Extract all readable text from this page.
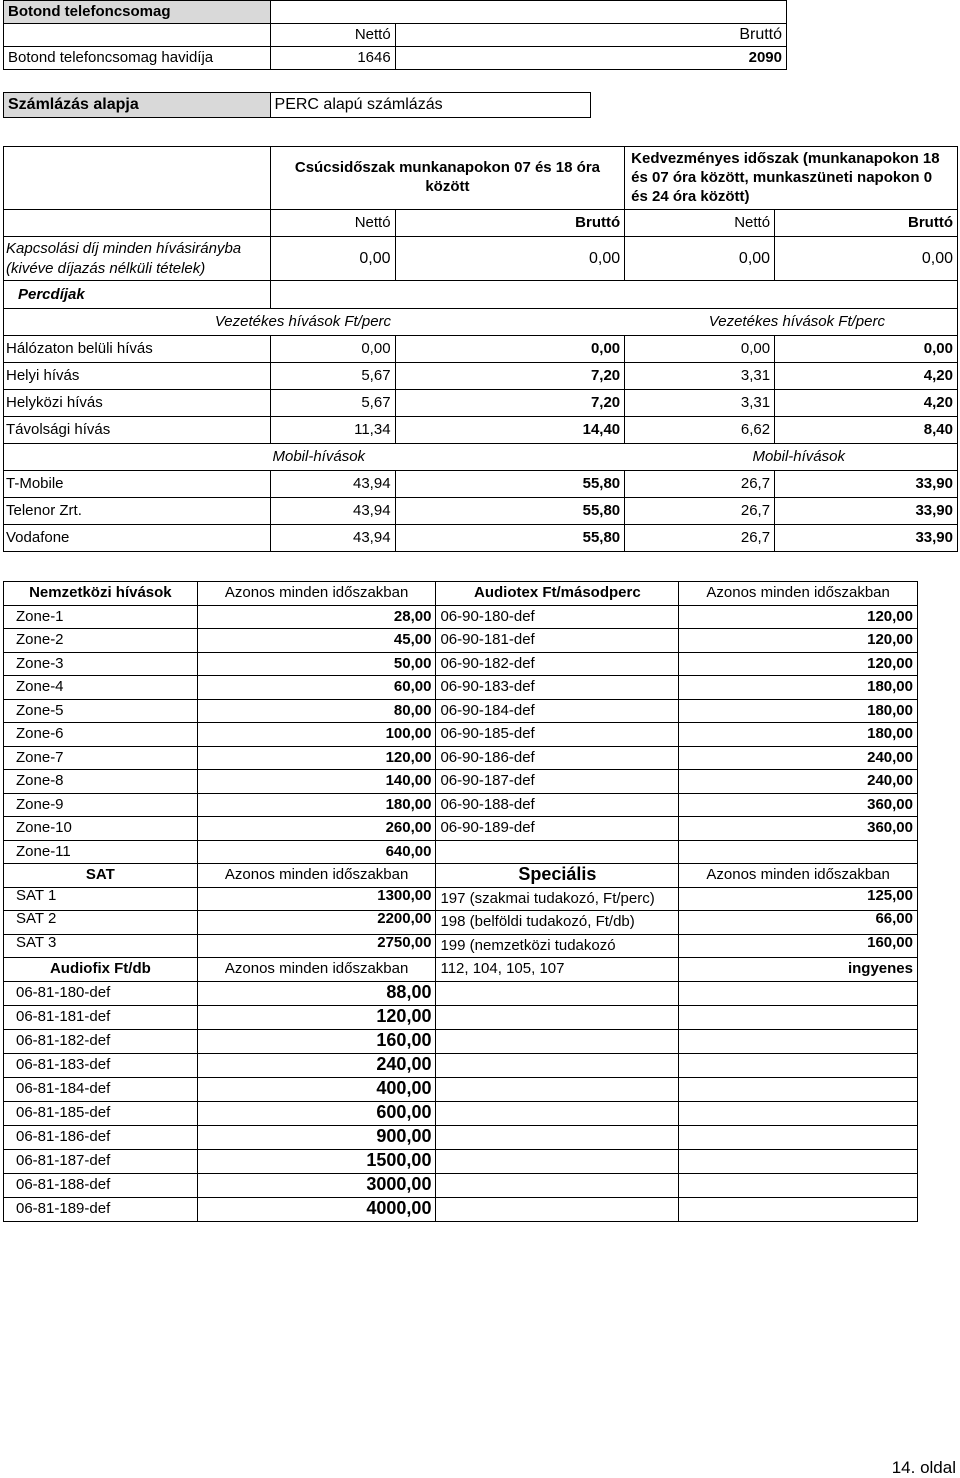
Botond telefoncsomag		
	Nettó	Bruttó
Botond telefoncsomag havidíja	1646	2090
Számlázás alapja	PERC alapú számlázás
	Csúcsidőszak munkanapokon 07 és 18 óra között		Kedvezményes időszak (munkanapokon 18 és 07 óra között, munkaszüneti napokon 0 és 24 óra között)	
	Nettó	Bruttó	Nettó	Bruttó
Kapcsolási díj minden hívásirányba (kivéve díjazás nélküli tételek)	0,00	0,00	0,00	0,00
Percdíjak				
Vezetékes hívások Ft/perc			Vezetékes hívások Ft/perc	
Hálózaton belüli hívás	0,00	0,00	0,00	0,00
Helyi hívás	5,67	7,20	3,31	4,20
Helyközi hívás	5,67	7,20	3,31	4,20
Távolsági hívás	11,34	14,40	6,62	8,40
Mobil-hívások			Mobil-hívások	
T-Mobile	43,94	55,80	26,7	33,90
Telenor Zrt.	43,94	55,80	26,7	33,90
Vodafone	43,94	55,80	26,7	33,90
Nemzetközi hívások	Azonos minden időszakban	Audiotex Ft/másodperc	Azonos minden időszakban
Zone-1	28,00	06-90-180-def	120,00
Zone-2	45,00	06-90-181-def	120,00
Zone-3	50,00	06-90-182-def	120,00
Zone-4	60,00	06-90-183-def	180,00
Zone-5	80,00	06-90-184-def	180,00
Zone-6	100,00	06-90-185-def	180,00
Zone-7	120,00	06-90-186-def	240,00
Zone-8	140,00	06-90-187-def	240,00
Zone-9	180,00	06-90-188-def	360,00
Zone-10	260,00	06-90-189-def	360,00
Zone-11	640,00		
SAT	Azonos minden időszakban	Speciális	Azonos minden időszakban
SAT 1	1300,00	197 (szakmai tudakozó, Ft/perc)	125,00
SAT 2	2200,00	198 (belföldi tudakozó, Ft/db)	66,00
SAT 3	2750,00	199 (nemzetközi tudakozó	160,00
Audiofix Ft/db	Azonos minden időszakban	112, 104, 105, 107	ingyenes
06-81-180-def	88,00		
06-81-181-def	120,00		
06-81-182-def	160,00		
06-81-183-def	240,00		
06-81-184-def	400,00		
06-81-185-def	600,00		
06-81-186-def	900,00		
06-81-187-def	1500,00		
06-81-188-def	3000,00		
06-81-189-def	4000,00		
14. oldal
